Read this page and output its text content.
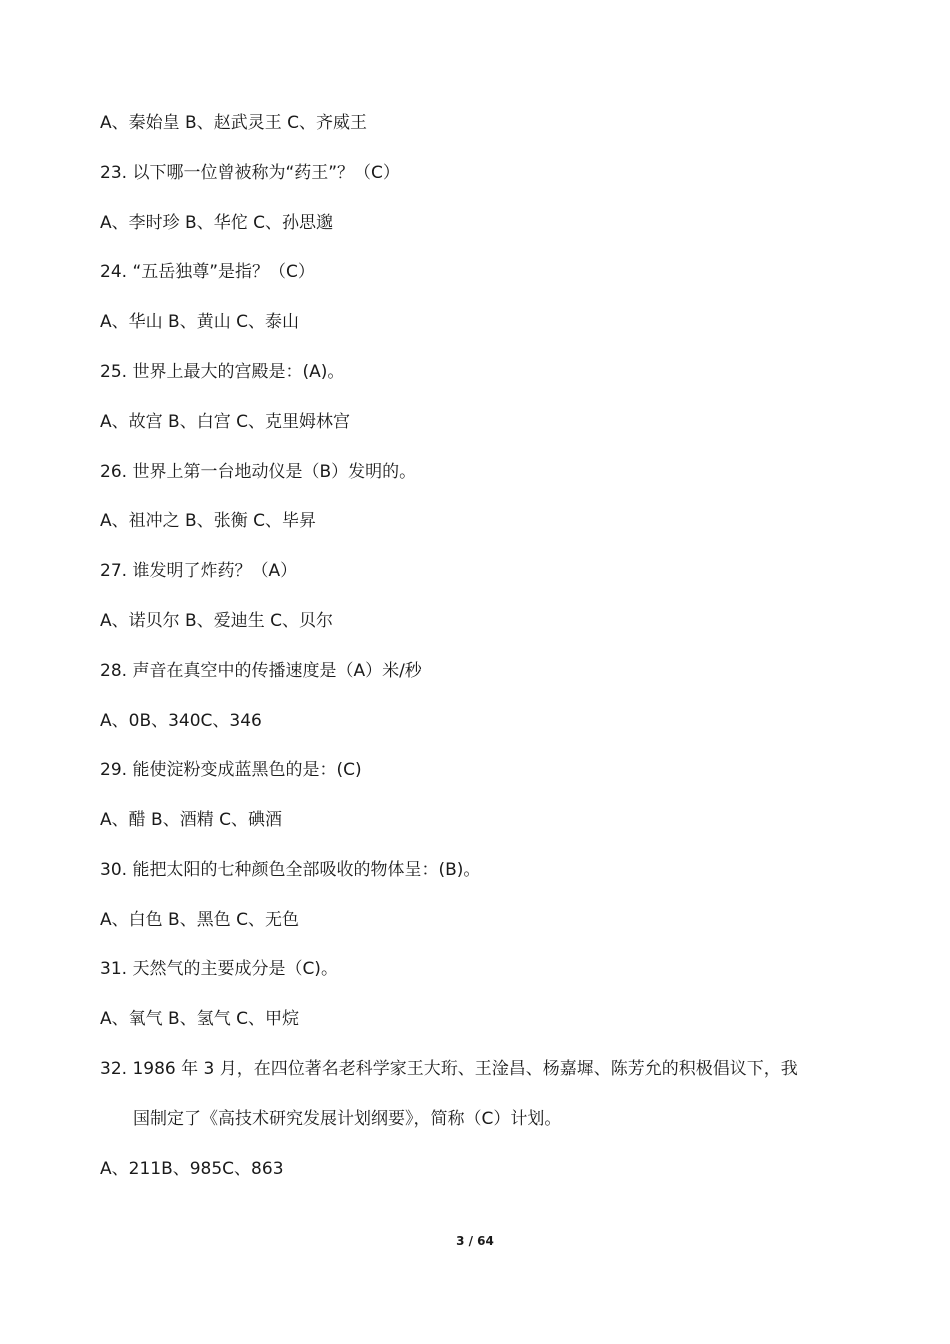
A、秦始皇 B、赵武灵王 C、齐威王
23. 以下哪一位曾被称为“药王”？（C）
A、李时珍 B、华佗 C、孙思邈
24. “五岳独尊”是指？（C）
A、华山 B、黄山 C、泰山
25. 世界上最大的宫殿是：(A)。
A、故宫 B、白宫 C、克里姆林宫
26. 世界上第一台地动仪是（B）发明的。
A、祖冲之 B、张衡 C、毕昇
27. 谁发明了炸药？（A）
A、诺贝尔 B、爱迪生 C、贝尔
28. 声音在真空中的传播速度是（A）米/秒
A、0B、340C、346
29. 能使淀粉变成蓝黑色的是：(C)
A、醋 B、酒精 C、碘酒
30. 能把太阳的七种颜色全部吸收的物体呈：(B)。
A、白色 B、黑色 C、无色
31. 天然气的主要成分是（C)。
A、氧气 B、氢气 C、甲烷
32. 1986 年 3 月，在四位著名老科学家王大珩、王淦昌、杨嘉墀、陈芳允的积极倡议下，我
国制定了《高技术研究发展计划纲要》，简称（C）计划。
A、211B、985C、863
3 / 64
